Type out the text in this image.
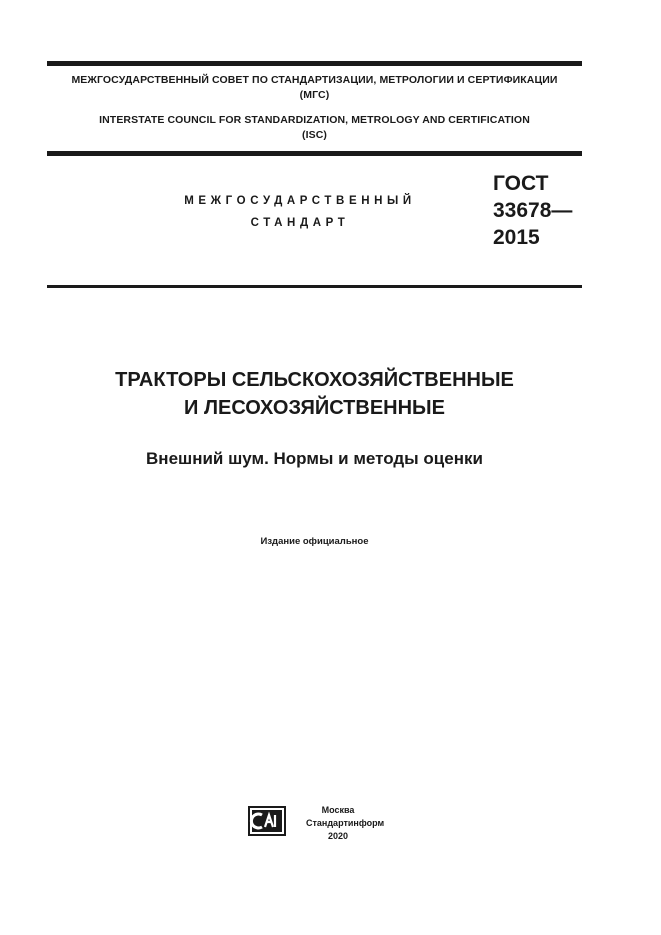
МЕЖГОСУДАРСТВЕННЫЙ СОВЕТ ПО СТАНДАРТИЗАЦИИ, МЕТРОЛОГИИ И СЕРТИФИКАЦИИ
(МГС)
INTERSTATE COUNCIL FOR STANDARDIZATION, METROLOGY AND CERTIFICATION
(ISC)
МЕЖГОСУДАРСТВЕННЫЙ
СТАНДАРТ
ГОСТ
33678—
2015
ТРАКТОРЫ СЕЛЬСКОХОЗЯЙСТВЕННЫЕ
И ЛЕСОХОЗЯЙСТВЕННЫЕ
Внешний шум. Нормы и методы оценки
Издание официальное
Москва
Стандартинформ
2020
